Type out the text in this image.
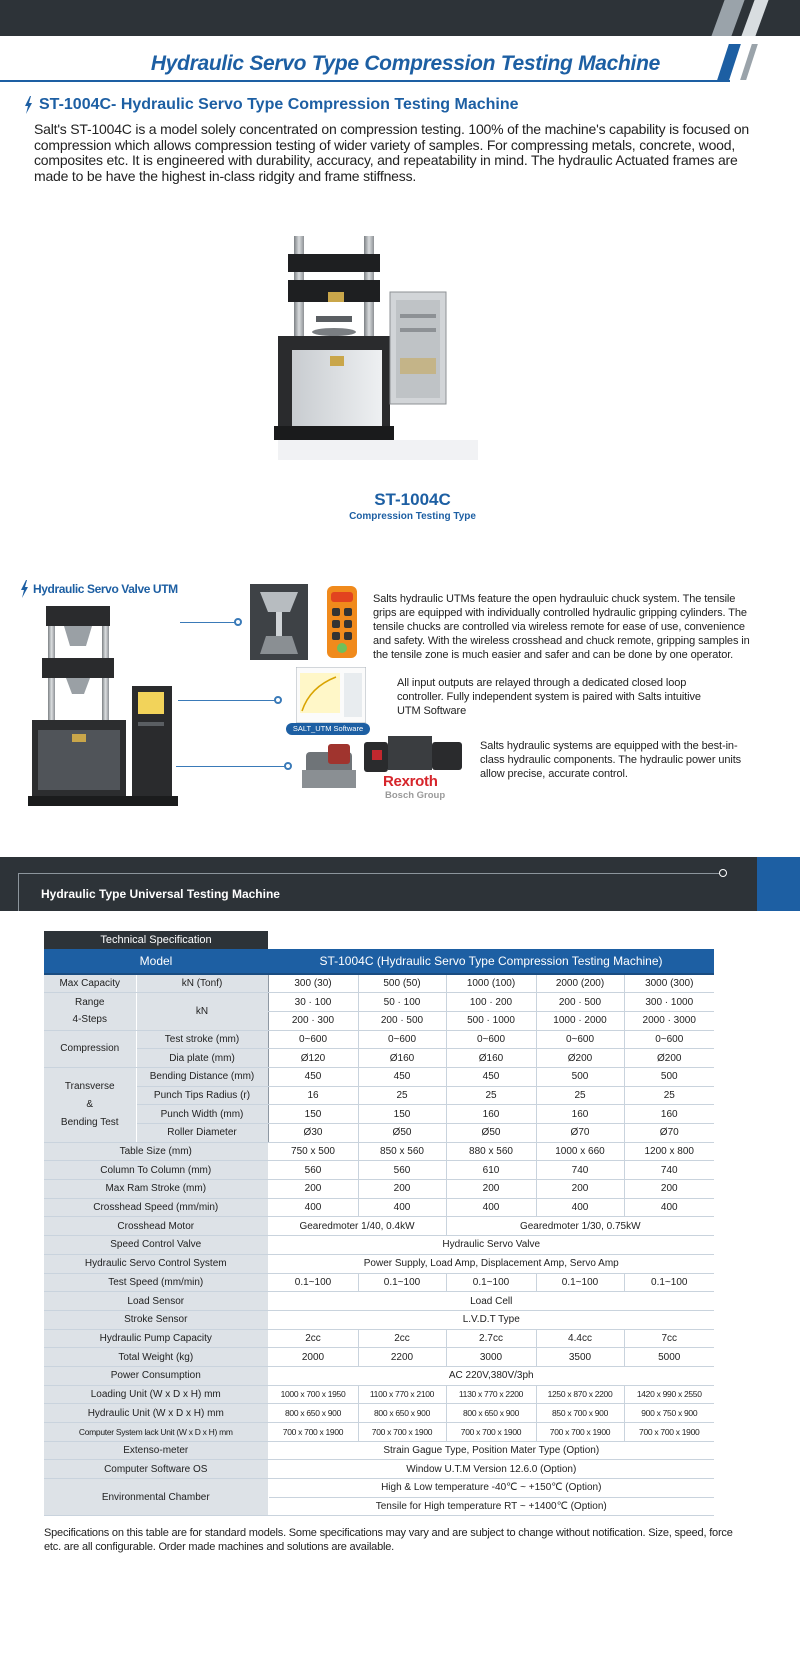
Hydraulic Servo Type Compression Testing Machine
ST-1004C- Hydraulic Servo Type Compression Testing Machine
Salt's ST-1004C is a model solely concentrated on compression testing. 100% of the machine's capability is focused on compression which allows compression testing of wider variety of samples. For compressing metals, concrete, wood, composites etc. It is engineered with durability, accuracy, and repeatability in mind. The hydraulic Actuated frames are made to be have the highest in-class ridgity and frame stiffness.
ST-1004C
Compression Testing Type
Hydraulic Servo Valve UTM
SALT_UTM Software
Rexroth
Bosch Group
Salts hydraulic UTMs feature the open hydrauluic chuck system. The tensile grips are equipped with individually controlled hydraulic gripping cylinders. The tensile chucks are controlled via wireless remote for ease of use, convenience and safety. With the wireless crosshead and chuck remote, gripping samples in the tensile zone is much easier and safer and can be done by one operator.
All input outputs are relayed through a dedicated closed loop controller. Fully independent system is paired with Salts intuitive UTM Software
Salts hydraulic systems are equipped with the best-in-class hydraulic components. The hydraulic power units allow precise, accurate control.
Hydraulic Type Universal Testing Machine
Technical Specification
Model		ST-1004C (Hydraulic Servo Type Compression Testing Machine)				
Max Capacity	kN (Tonf)	300 (30)	500 (50)	1000 (100)	2000 (200)	3000 (300)
Range
4-Steps	kN	30 · 100	50 · 100	100 · 200	200 · 500	300 · 1000
		200 · 300	200 · 500	500 · 1000	1000 · 2000	2000 · 3000
Compression	Test stroke (mm)	0~600	0~600	0~600	0~600	0~600
	Dia plate (mm)	Ø120	Ø160	Ø160	Ø200	Ø200
Transverse
&
Bending Test	Bending Distance (mm)	450	450	450	500	500
	Punch Tips Radius (r)	16	25	25	25	25
	Punch Width (mm)	150	150	160	160	160
	Roller Diameter	Ø30	Ø50	Ø50	Ø70	Ø70
Table Size (mm)		750 x 500	850 x 560	880 x 560	1000 x 660	1200 x 800
Column To Column (mm)		560	560	610	740	740
Max Ram Stroke (mm)		200	200	200	200	200
Crosshead Speed (mm/min)		400	400	400	400	400
Crosshead Motor		Gearedmoter 1/40, 0.4kW		Gearedmoter 1/30, 0.75kW		
Speed Control Valve		Hydraulic Servo Valve				
Hydraulic Servo Control System		Power Supply, Load Amp, Displacement Amp, Servo Amp				
Test Speed (mm/min)		0.1~100	0.1~100	0.1~100	0.1~100	0.1~100
Load Sensor		Load Cell				
Stroke Sensor		L.V.D.T Type				
Hydraulic Pump Capacity		2cc	2cc	2.7cc	4.4cc	7cc
Total Weight (kg)		2000	2200	3000	3500	5000
Power Consumption		AC 220V,380V/3ph				
Loading Unit (W x D x H) mm		1000 x 700 x 1950	1100 x 770 x 2100	1130 x 770 x 2200	1250 x 870 x 2200	1420 x 990 x 2550
Hydraulic Unit (W x D x H) mm		800 x 650 x 900	800 x 650 x 900	800 x 650 x 900	850 x 700 x 900	900 x 750 x 900
Computer System lack Unit (W x D x H) mm		700 x 700 x 1900	700 x 700 x 1900	700 x 700 x 1900	700 x 700 x 1900	700 x 700 x 1900
Extenso-meter		Strain Gague Type, Position Mater Type (Option)				
Computer Software OS		Window U.T.M Version 12.6.0 (Option)				
Environmental Chamber		High & Low temperature -40℃ ~ +150℃ (Option)				
		Tensile for High temperature RT ~ +1400℃ (Option)				
Specifications on this table are for standard models. Some specifications may vary and are subject to change without notification. Size, speed, force etc. are all configurable. Order made machines and solutions are available.
